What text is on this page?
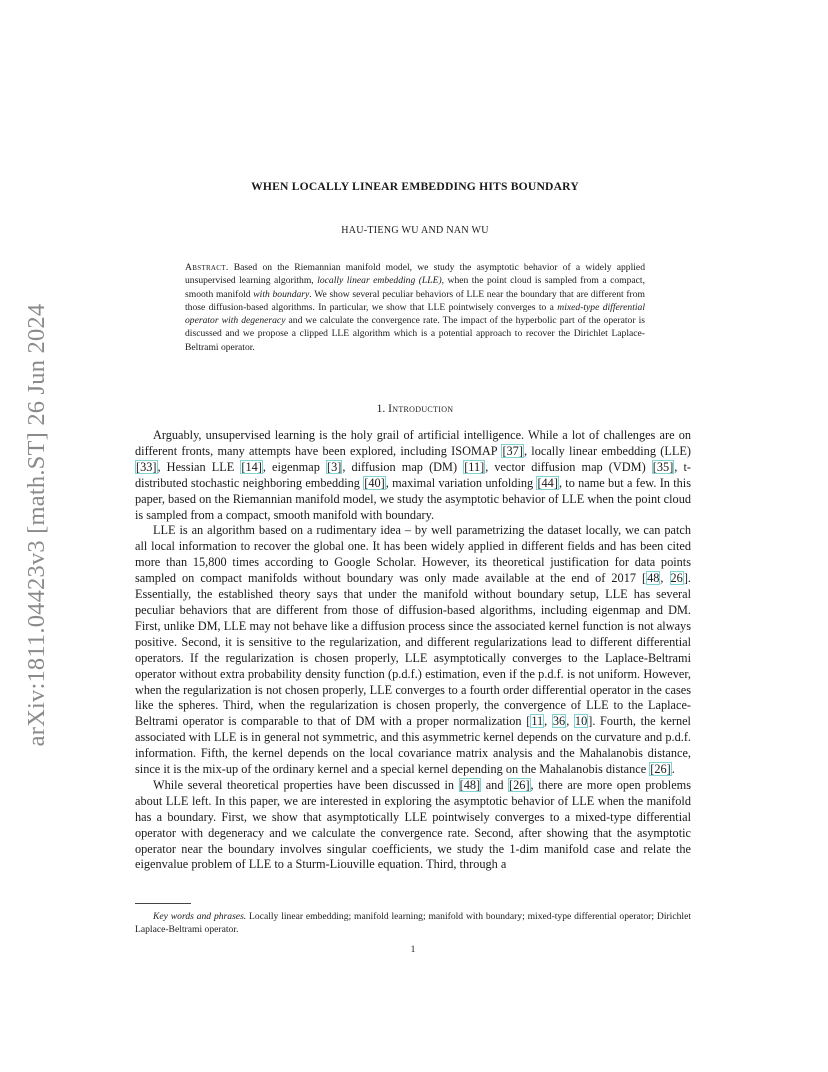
arXiv:1811.04423v3 [math.ST] 26 Jun 2024
WHEN LOCALLY LINEAR EMBEDDING HITS BOUNDARY
HAU-TIENG WU AND NAN WU
Abstract. Based on the Riemannian manifold model, we study the asymptotic behavior of a widely applied unsupervised learning algorithm, locally linear embedding (LLE), when the point cloud is sampled from a compact, smooth manifold with boundary. We show several peculiar behaviors of LLE near the boundary that are different from those diffusion-based algorithms. In particular, we show that LLE pointwisely converges to a mixed-type differential operator with degeneracy and we calculate the convergence rate. The impact of the hyperbolic part of the operator is discussed and we propose a clipped LLE algorithm which is a potential approach to recover the Dirichlet Laplace-Beltrami operator.
1. Introduction

Arguably, unsupervised learning is the holy grail of artificial intelligence. While a lot of challenges are on different fronts, many attempts have been explored, including ISOMAP [37], locally linear embedding (LLE) [33], Hessian LLE [14], eigenmap [3], diffusion map (DM) [11], vector diffusion map (VDM) [35], t-distributed stochastic neighboring embedding [40], maximal variation unfolding [44], to name but a few. In this paper, based on the Riemannian manifold model, we study the asymptotic behavior of LLE when the point cloud is sampled from a compact, smooth manifold with boundary.

LLE is an algorithm based on a rudimentary idea – by well parametrizing the dataset locally, we can patch all local information to recover the global one. It has been widely applied in different fields and has been cited more than 15,800 times according to Google Scholar. However, its theoretical justification for data points sampled on compact manifolds without boundary was only made available at the end of 2017 [48, 26]. Essentially, the established theory says that under the manifold without boundary setup, LLE has several peculiar behaviors that are different from those of diffusion-based algorithms, including eigenmap and DM. First, unlike DM, LLE may not behave like a diffusion process since the associated kernel function is not always positive. Second, it is sensitive to the regularization, and different regularizations lead to different differential operators. If the regularization is chosen properly, LLE asymptotically converges to the Laplace-Beltrami operator without extra probability density function (p.d.f.) estimation, even if the p.d.f. is not uniform. However, when the regularization is not chosen properly, LLE converges to a fourth order differential operator in the cases like the spheres. Third, when the regularization is chosen properly, the convergence of LLE to the Laplace-Beltrami operator is comparable to that of DM with a proper normalization [11, 36, 10]. Fourth, the kernel associated with LLE is in general not symmetric, and this asymmetric kernel depends on the curvature and p.d.f. information. Fifth, the kernel depends on the local covariance matrix analysis and the Mahalanobis distance, since it is the mix-up of the ordinary kernel and a special kernel depending on the Mahalanobis distance [26].

While several theoretical properties have been discussed in [48] and [26], there are more open problems about LLE left. In this paper, we are interested in exploring the asymptotic behavior of LLE when the manifold has a boundary. First, we show that asymptotically LLE pointwisely converges to a mixed-type differential operator with degeneracy and we calculate the convergence rate. Second, after showing that the asymptotic operator near the boundary involves singular coefficients, we study the 1-dim manifold case and relate the eigenvalue problem of LLE to a Sturm-Liouville equation. Third, through a

Key words and phrases. Locally linear embedding; manifold learning; manifold with boundary; mixed-type differential operator; Dirichlet Laplace-Beltrami operator.
1
